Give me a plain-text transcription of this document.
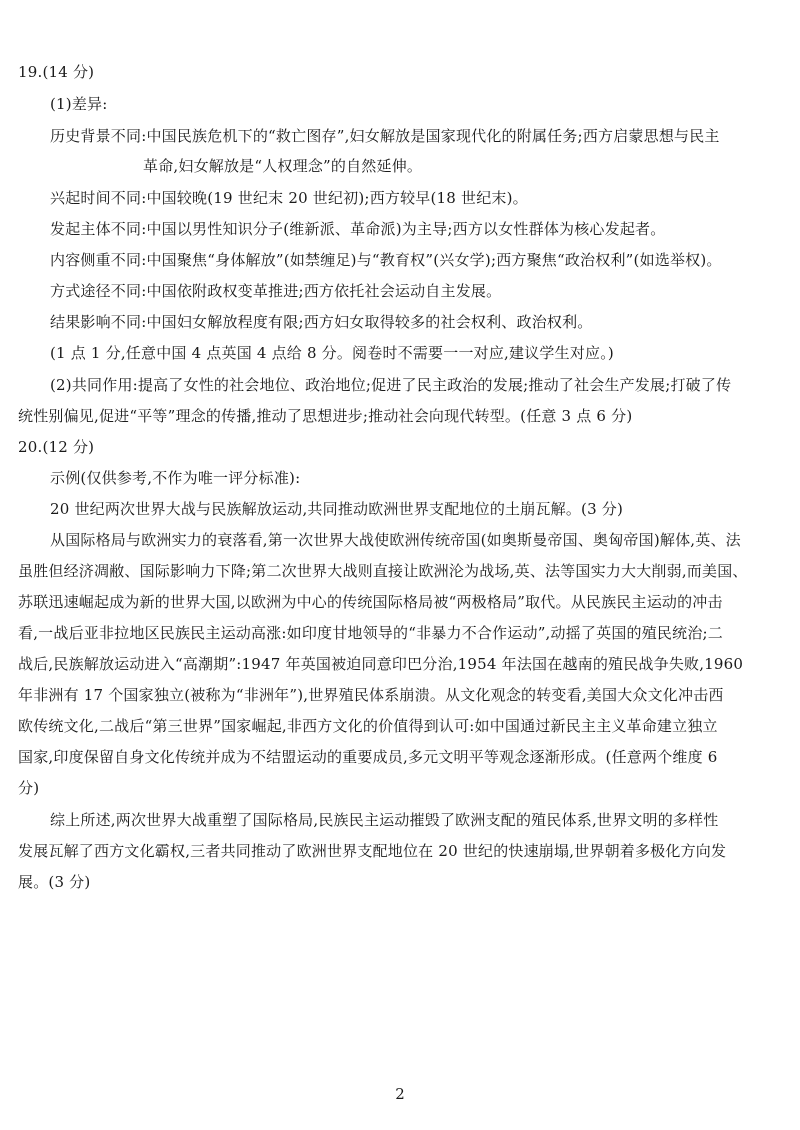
19.(14 分)
(1)差异:
历史背景不同:中国民族危机下的“救亡图存”,妇女解放是国家现代化的附属任务;西方启蒙思想与民主
革命,妇女解放是“人权理念”的自然延伸。
兴起时间不同:中国较晚(19 世纪末 20 世纪初);西方较早(18 世纪末)。
发起主体不同:中国以男性知识分子(维新派、革命派)为主导;西方以女性群体为核心发起者。
内容侧重不同:中国聚焦“身体解放”(如禁缠足)与“教育权”(兴女学);西方聚焦“政治权利”(如选举权)。
方式途径不同:中国依附政权变革推进;西方依托社会运动自主发展。
结果影响不同:中国妇女解放程度有限;西方妇女取得较多的社会权利、政治权利。
(1 点 1 分,任意中国 4 点英国 4 点给 8 分。阅卷时不需要一一对应,建议学生对应。)
(2)共同作用:提高了女性的社会地位、政治地位;促进了民主政治的发展;推动了社会生产发展;打破了传
统性别偏见,促进“平等”理念的传播,推动了思想进步;推动社会向现代转型。(任意 3 点 6 分)
20.(12 分)
示例(仅供参考,不作为唯一评分标准):
20 世纪两次世界大战与民族解放运动,共同推动欧洲世界支配地位的土崩瓦解。(3 分)
从国际格局与欧洲实力的衰落看,第一次世界大战使欧洲传统帝国(如奥斯曼帝国、奥匈帝国)解体,英、法
虽胜但经济凋敝、国际影响力下降;第二次世界大战则直接让欧洲沦为战场,英、法等国实力大大削弱,而美国、
苏联迅速崛起成为新的世界大国,以欧洲为中心的传统国际格局被“两极格局”取代。从民族民主运动的冲击
看,一战后亚非拉地区民族民主运动高涨:如印度甘地领导的“非暴力不合作运动”,动摇了英国的殖民统治;二
战后,民族解放运动进入“高潮期”:1947 年英国被迫同意印巴分治,1954 年法国在越南的殖民战争失败,1960
年非洲有 17 个国家独立(被称为“非洲年”),世界殖民体系崩溃。从文化观念的转变看,美国大众文化冲击西
欧传统文化,二战后“第三世界”国家崛起,非西方文化的价值得到认可:如中国通过新民主主义革命建立独立
国家,印度保留自身文化传统并成为不结盟运动的重要成员,多元文明平等观念逐渐形成。(任意两个维度 6
分)
综上所述,两次世界大战重塑了国际格局,民族民主运动摧毁了欧洲支配的殖民体系,世界文明的多样性
发展瓦解了西方文化霸权,三者共同推动了欧洲世界支配地位在 20 世纪的快速崩塌,世界朝着多极化方向发
展。(3 分)
2
